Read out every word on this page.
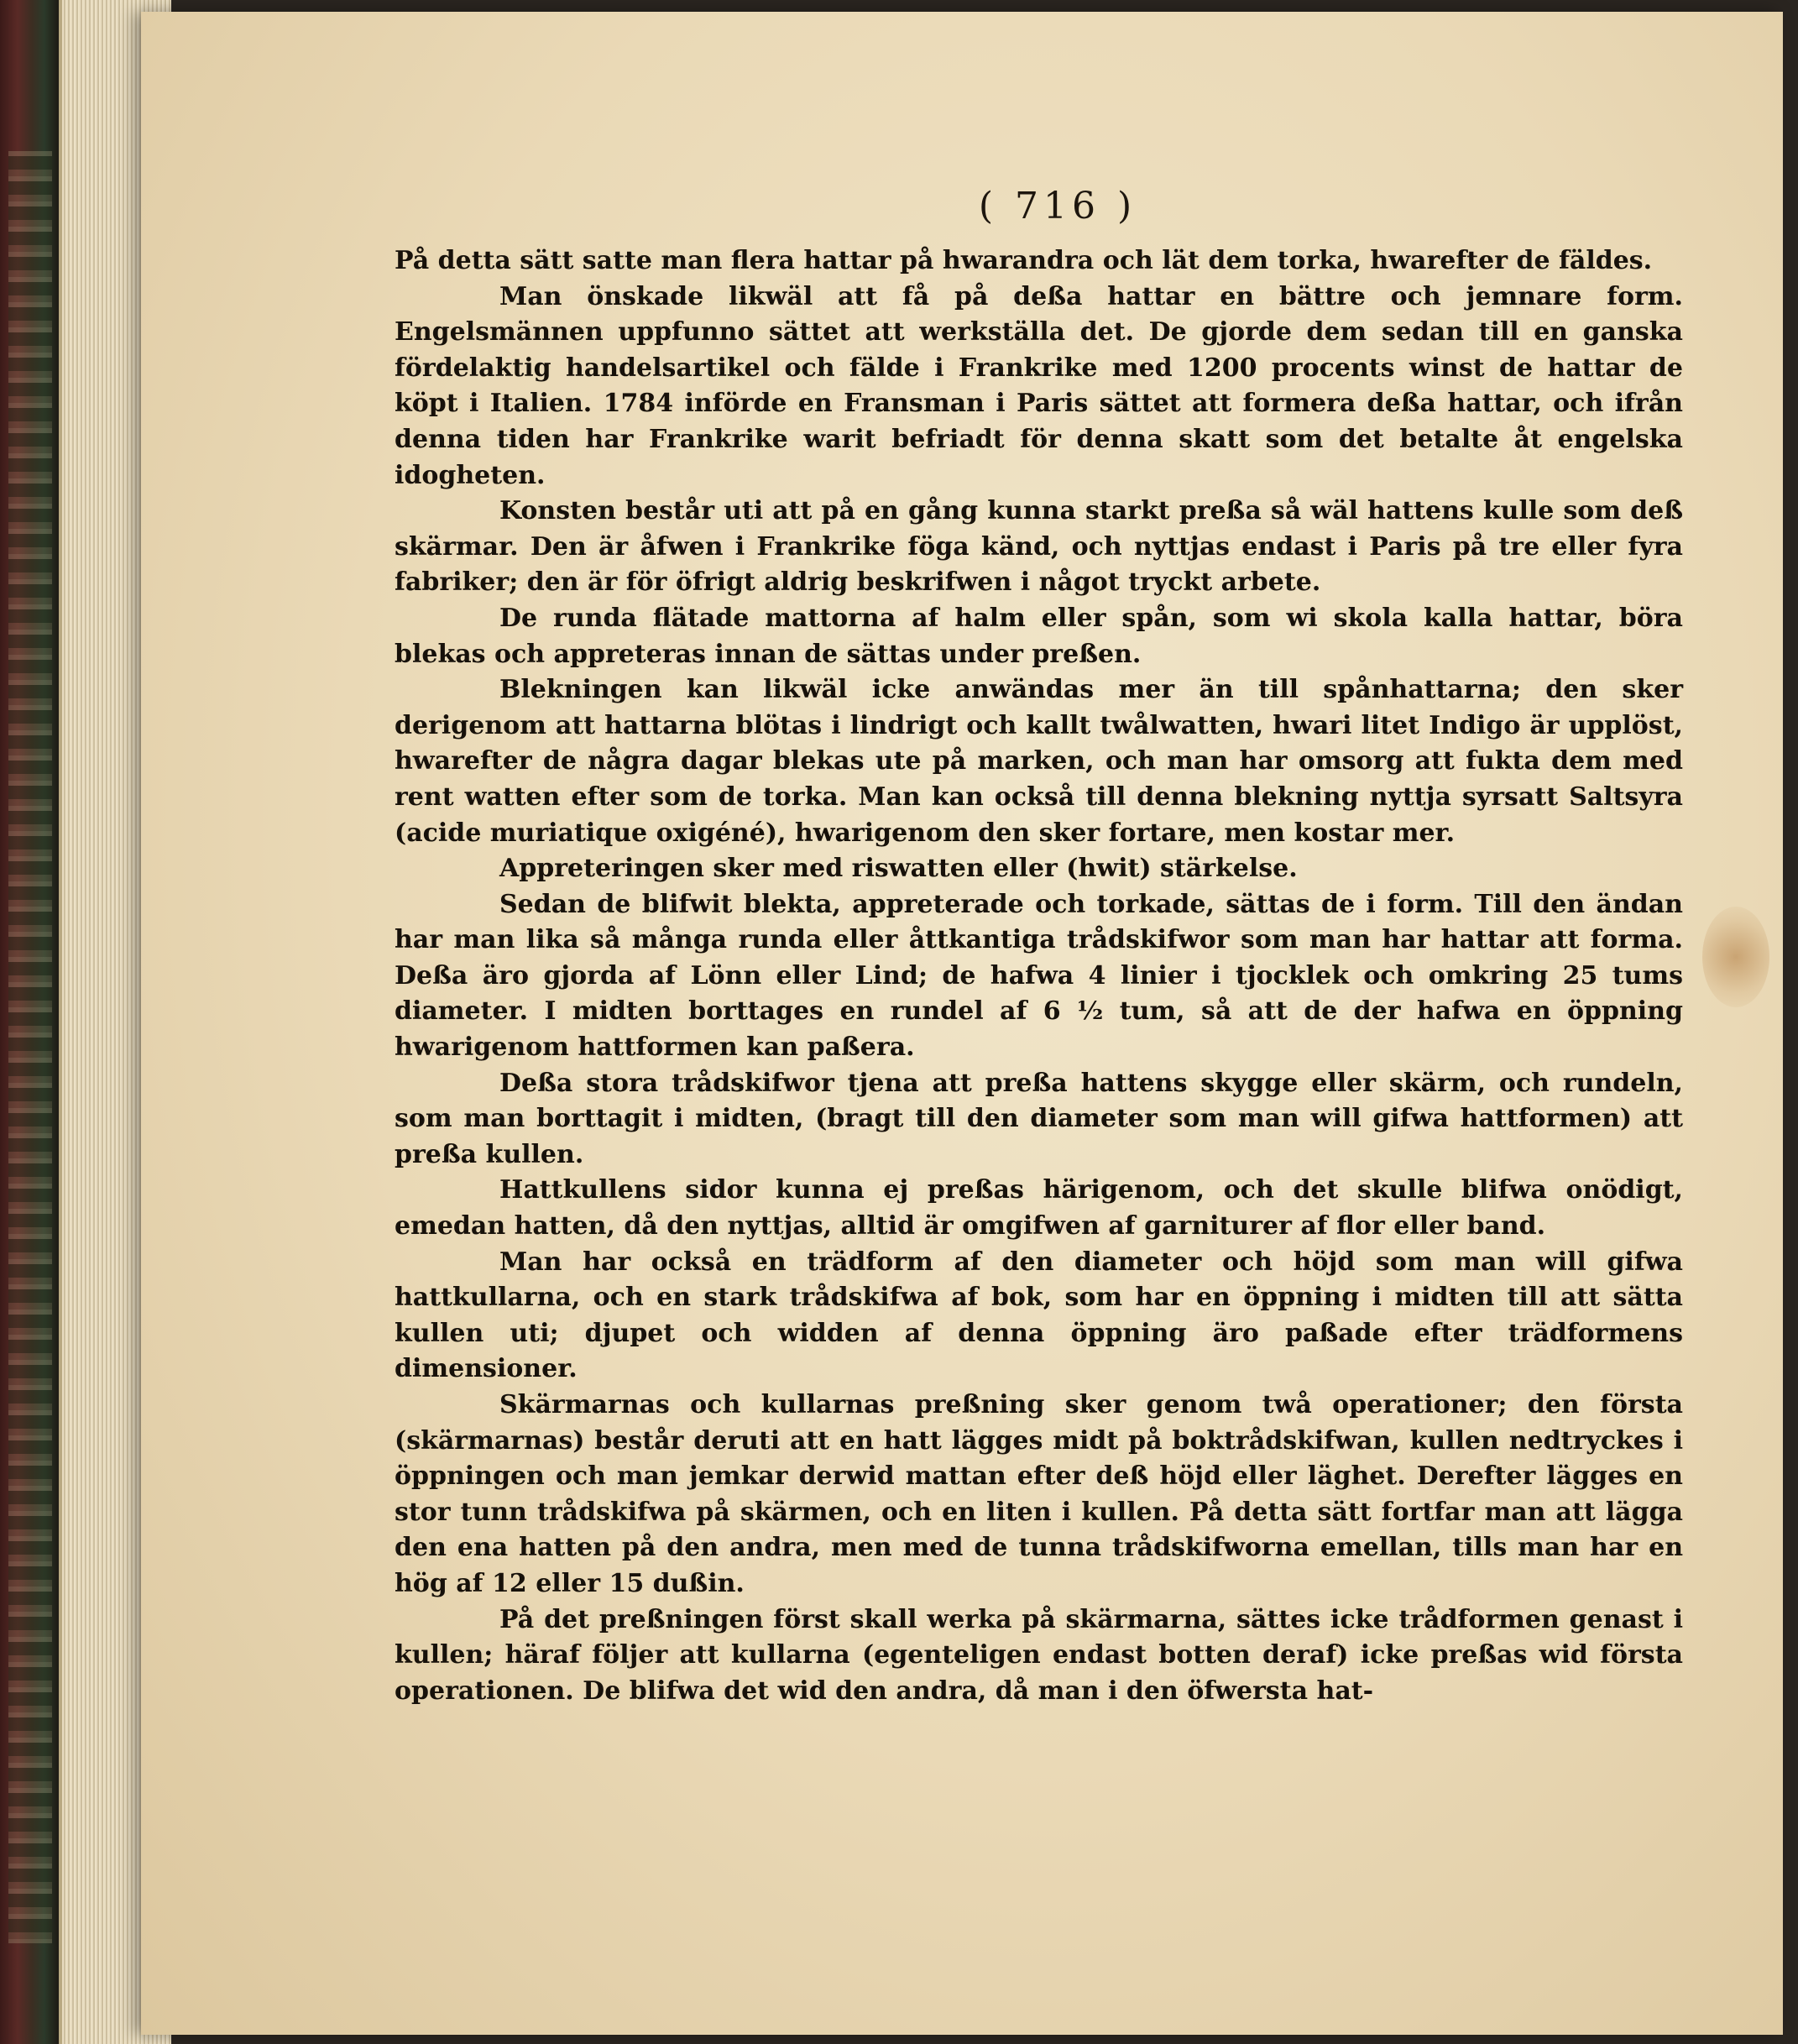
( 716 )

På detta sätt satte man flera hattar på hwarandra och lät dem torka, hwarefter de fäldes.

Man önskade likwäl att få på deßa hattar en bättre och jemnare form. Engelsmännen uppfunno sättet att werkställa det. De gjorde dem sedan till en ganska fördelaktig handelsartikel och fälde i Frankrike med 1200 procents winst de hattar de köpt i Italien. 1784 införde en Fransman i Paris sättet att formera deßa hattar, och ifrån denna tiden har Frankrike warit befriadt för denna skatt som det betalte åt engelska idogheten.

Konsten består uti att på en gång kunna starkt preßa så wäl hattens kulle som deß skärmar. Den är åfwen i Frankrike föga känd, och nyttjas endast i Paris på tre eller fyra fabriker; den är för öfrigt aldrig beskrifwen i något tryckt arbete.

De runda flätade mattorna af halm eller spån, som wi skola kalla hattar, böra blekas och appreteras innan de sättas under preßen.

Blekningen kan likwäl icke anwändas mer än till spånhattarna; den sker derigenom att hattarna blötas i lindrigt och kallt twålwatten, hwari litet Indigo är upplöst, hwarefter de några dagar blekas ute på marken, och man har omsorg att fukta dem med rent watten efter som de torka. Man kan också till denna blekning nyttja syrsatt Saltsyra (acide muriatique oxigéné), hwarigenom den sker fortare, men kostar mer.

Appreteringen sker med riswatten eller (hwit) stärkelse.

Sedan de blifwit blekta, appreterade och torkade, sättas de i form. Till den ändan har man lika så många runda eller åttkantiga trådskifwor som man har hattar att forma. Deßa äro gjorda af Lönn eller Lind; de hafwa 4 linier i tjocklek och omkring 25 tums diameter. I midten borttages en rundel af 6 ½ tum, så att de der hafwa en öppning hwarigenom hattformen kan paßera.

Deßa stora trådskifwor tjena att preßa hattens skygge eller skärm, och rundeln, som man borttagit i midten, (bragt till den diameter som man will gifwa hattformen) att preßa kullen.

Hattkullens sidor kunna ej preßas härigenom, och det skulle blifwa onödigt, emedan hatten, då den nyttjas, alltid är omgifwen af garniturer af flor eller band.

Man har också en trädform af den diameter och höjd som man will gifwa hattkullarna, och en stark trådskifwa af bok, som har en öppning i midten till att sätta kullen uti; djupet och widden af denna öppning äro paßade efter trädformens dimensioner.

Skärmarnas och kullarnas preßning sker genom twå operationer; den första (skärmarnas) består deruti att en hatt lägges midt på boktrådskifwan, kullen nedtryckes i öppningen och man jemkar derwid mattan efter deß höjd eller läghet. Derefter lägges en stor tunn trådskifwa på skärmen, och en liten i kullen. På detta sätt fortfar man att lägga den ena hatten på den andra, men med de tunna trådskifworna emellan, tills man har en hög af 12 eller 15 dußin.

På det preßningen först skall werka på skärmarna, sättes icke trådformen genast i kullen; häraf följer att kullarna (egenteligen endast botten deraf) icke preßas wid första operationen. De blifwa det wid den andra, då man i den öfwersta hat-
